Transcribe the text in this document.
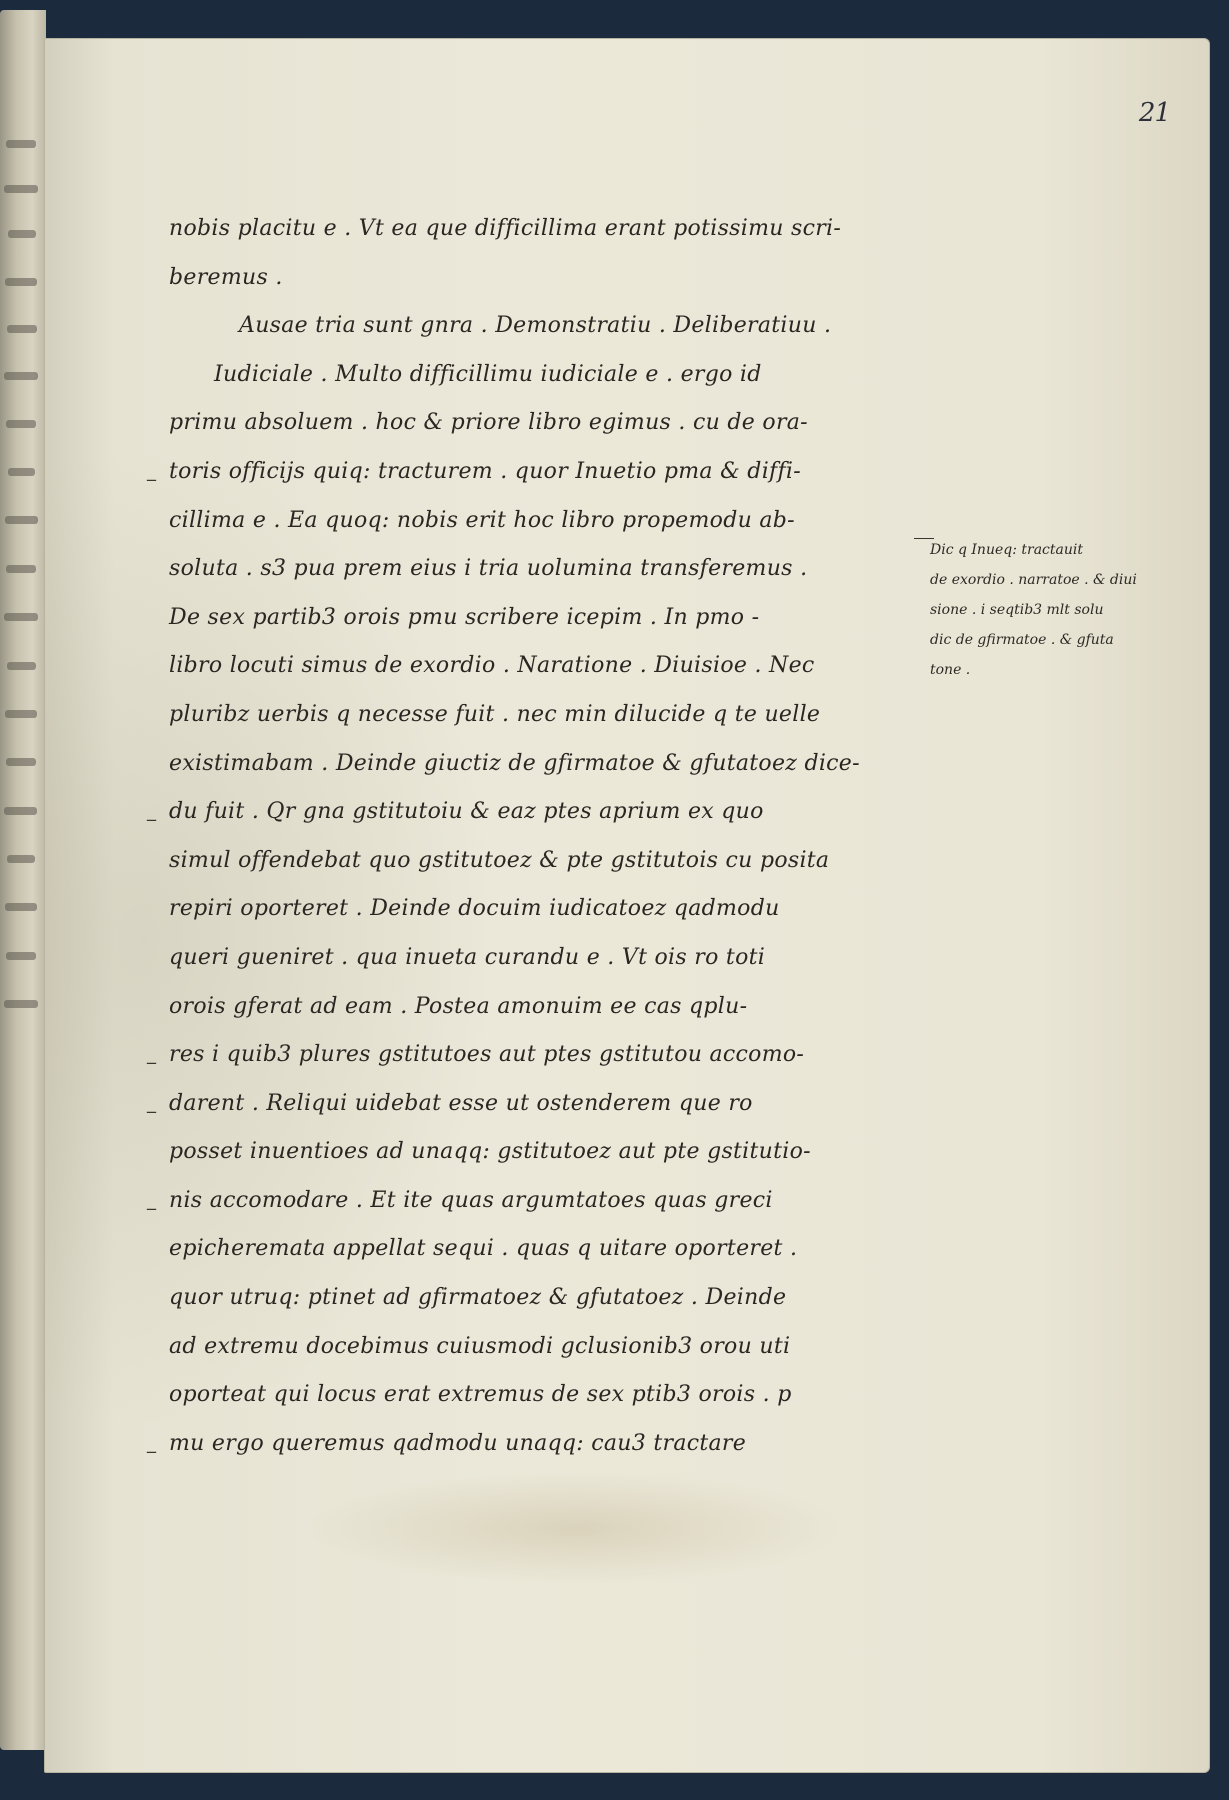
21
nobis placitu e . Vt ea que difficillima erant potissimu scri-
beremus .
Ausae tria sunt gnra . Demonstratiu . Deliberatiuu .
Iudiciale . Multo difficillimu iudiciale e . ergo id
primu absoluem . hoc & priore libro egimus . cu de ora-
_ toris officijs quiq: tracturem . quor Inuetio pma & diffi-
cillima e . Ea quoq: nobis erit hoc libro propemodu ab-
soluta . s3 pua prem eius i tria uolumina transferemus .
De sex partib3 orois pmu scribere icepim . In pmo -
libro locuti simus de exordio . Naratione . Diuisioe . Nec
pluribz uerbis q necesse fuit . nec min dilucide q te uelle
existimabam . Deinde giuctiz de gfirmatoe & gfutatoez dice-
_ du fuit . Qr gna gstitutoiu & eaz ptes aprium ex quo
simul offendebat quo gstitutoez & pte gstitutois cu posita
repiri oporteret . Deinde docuim iudicatoez qadmodu
queri gueniret . qua inueta curandu e . Vt ois ro toti
orois gferat ad eam . Postea amonuim ee cas qplu-
_ res i quib3 plures gstitutoes aut ptes gstitutou accomo-
_ darent . Reliqui uidebat esse ut ostenderem que ro
posset inuentioes ad unaqq: gstitutoez aut pte gstitutio-
_ nis accomodare . Et ite quas argumtatoes quas greci
epicheremata appellat sequi . quas q uitare oporteret .
quor utruq: ptinet ad gfirmatoez & gfutatoez . Deinde
ad extremu docebimus cuiusmodi gclusionib3 orou uti
oporteat qui locus erat extremus de sex ptib3 orois . p
_ mu ergo queremus qadmodu unaqq: cau3 tractare
Dic q Inueq: tractauit
de exordio . narratoe . & diui
sione . i seqtib3 mlt solu
dic de gfirmatoe . & gfuta
tone .
